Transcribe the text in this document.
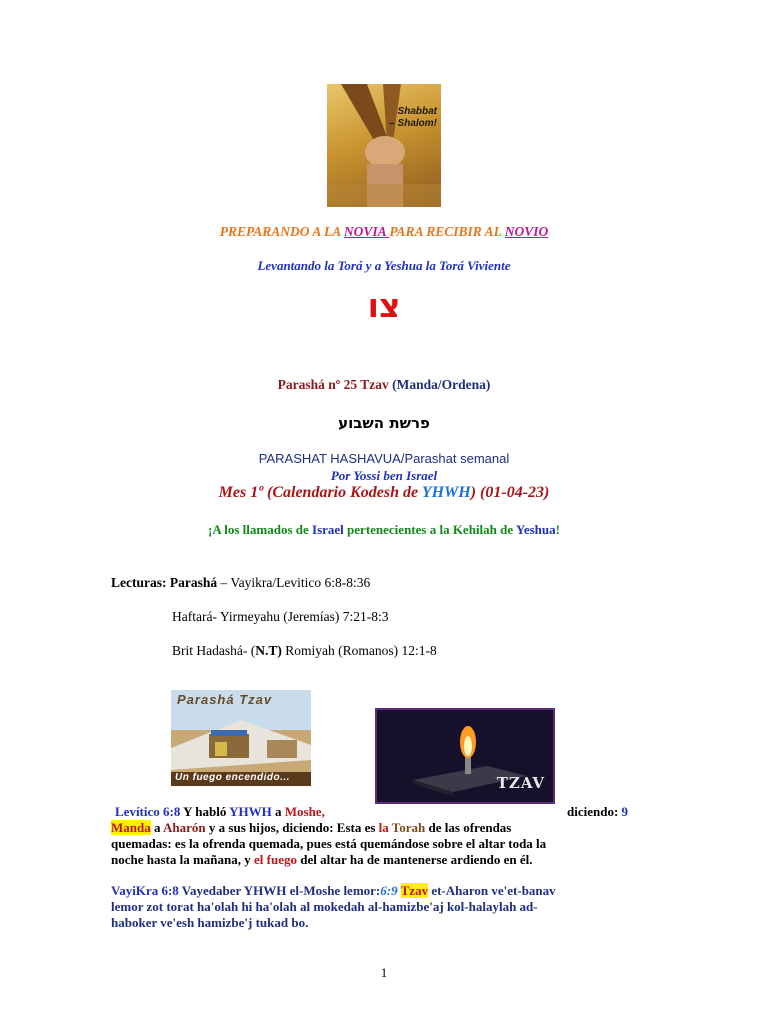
Shabbat
– Shalom!
PREPARANDO A LA NOVIA PARA RECIBIR AL NOVIO
Levantando la Torá y a Yeshua la Torá Viviente
צו
Parashá nº 25 Tzav (Manda/Ordena)
פרשת השבוע
PARASHAT HASHAVUA/Parashat semanal
Por Yossi ben Israel
Mes 1º (Calendario Kodesh de YHWH) (01-04-23)
¡A los llamados de Israel pertenecientes a la Kehilah de Yeshua!
Lecturas: Parashá – Vayikra/Levitico 6:8-8:36
Haftará- Yirmeyahu (Jeremías) 7:21-8:3
Brit Hadashá- (N.T) Romiyah (Romanos) 12:1-8
Parashá Tzav
Un fuego encendido...	TZAV
Levítico 6:8 Y habló YHWH a Moshe,	diciendo: 9
Manda a Aharón y a sus hijos, diciendo: Esta es la Torah de las ofrendas
quemadas: es la ofrenda quemada, pues está quemándose sobre el altar toda la
noche hasta la mañana, y el fuego del altar ha de mantenerse ardiendo en él.
VayiKra 6:8 Vayedaber YHWH el-Moshe lemor:6:9 Tzav et-Aharon ve'et-banav
lemor zot torat ha'olah hi ha'olah al mokedah al-hamizbe'aj kol-halaylah ad-
haboker ve'esh hamizbe'j tukad bo.
1
